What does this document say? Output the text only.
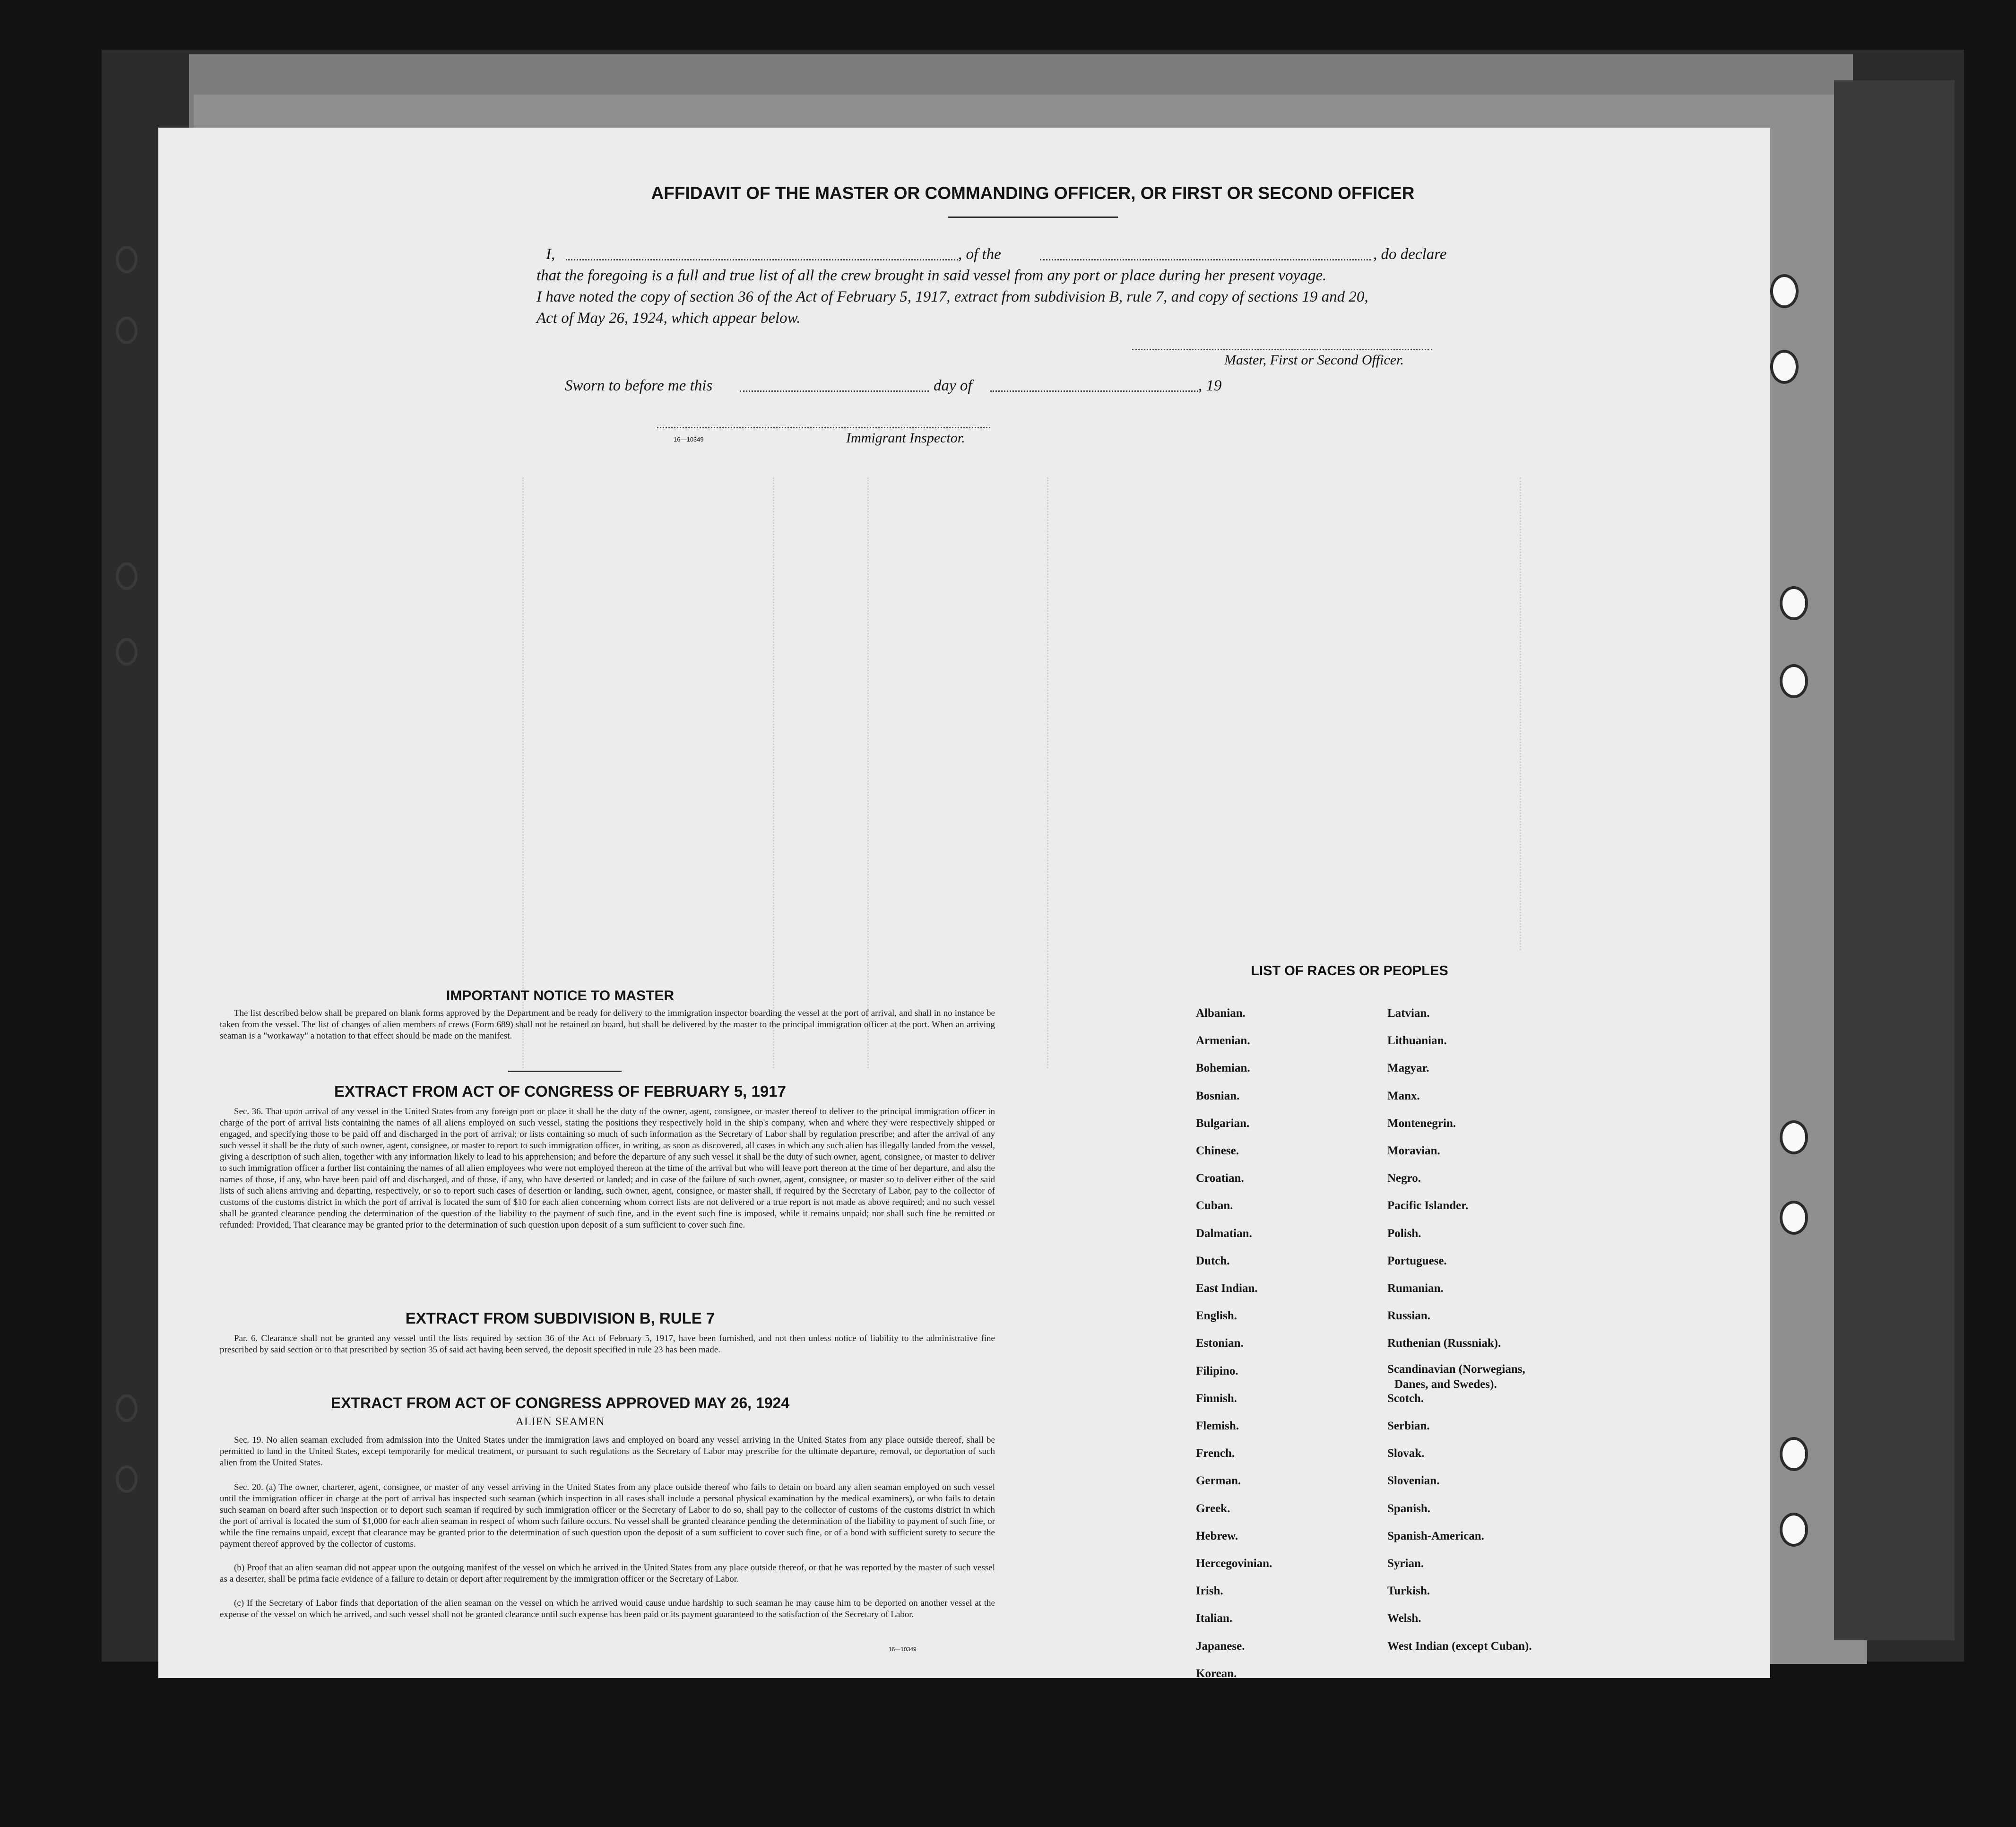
AFFIDAVIT OF THE MASTER OR COMMANDING OFFICER, OR FIRST OR SECOND OFFICER
I,	, of the	, do declare
that the foregoing is a full and true list of all the crew brought in said vessel from any port or place during her present voyage.
I have noted the copy of section 36 of the Act of February 5, 1917, extract from subdivision B, rule 7, and copy of sections 19 and 20,
Act of May 26, 1924, which appear below.
Master, First or Second Officer.
Sworn to before me this	day of	, 19
16—10349	Immigrant Inspector.
IMPORTANT NOTICE TO MASTER
The list described below shall be prepared on blank forms approved by the Department and be ready for delivery to the immigration inspector boarding the vessel at the port of arrival, and shall in no instance be taken from the vessel. The list of changes of alien members of crews (Form 689) shall not be retained on board, but shall be delivered by the master to the principal immigration officer at the port. When an arriving seaman is a "workaway" a notation to that effect should be made on the manifest.
EXTRACT FROM ACT OF CONGRESS OF FEBRUARY 5, 1917
Sec. 36. That upon arrival of any vessel in the United States from any foreign port or place it shall be the duty of the owner, agent, consignee, or master thereof to deliver to the principal immigration officer in charge of the port of arrival lists containing the names of all aliens employed on such vessel, stating the positions they respectively hold in the ship's company, when and where they were respectively shipped or engaged, and specifying those to be paid off and discharged in the port of arrival; or lists containing so much of such information as the Secretary of Labor shall by regulation prescribe; and after the arrival of any such vessel it shall be the duty of such owner, agent, consignee, or master to report to such immigration officer, in writing, as soon as discovered, all cases in which any such alien has illegally landed from the vessel, giving a description of such alien, together with any information likely to lead to his apprehension; and before the departure of any such vessel it shall be the duty of such owner, agent, consignee, or master to deliver to such immigration officer a further list containing the names of all alien employees who were not employed thereon at the time of the arrival but who will leave port thereon at the time of her departure, and also the names of those, if any, who have been paid off and discharged, and of those, if any, who have deserted or landed; and in case of the failure of such owner, agent, consignee, or master so to deliver either of the said lists of such aliens arriving and departing, respectively, or so to report such cases of desertion or landing, such owner, agent, consignee, or master shall, if required by the Secretary of Labor, pay to the collector of customs of the customs district in which the port of arrival is located the sum of $10 for each alien concerning whom correct lists are not delivered or a true report is not made as above required; and no such vessel shall be granted clearance pending the determination of the question of the liability to the payment of such fine, and in the event such fine is imposed, while it remains unpaid; nor shall such fine be remitted or refunded: Provided, That clearance may be granted prior to the determination of such question upon deposit of a sum sufficient to cover such fine.
EXTRACT FROM SUBDIVISION B, RULE 7
Par. 6. Clearance shall not be granted any vessel until the lists required by section 36 of the Act of February 5, 1917, have been furnished, and not then unless notice of liability to the administrative fine prescribed by said section or to that prescribed by section 35 of said act having been served, the deposit specified in rule 23 has been made.
EXTRACT FROM ACT OF CONGRESS APPROVED MAY 26, 1924
ALIEN SEAMEN
Sec. 19. No alien seaman excluded from admission into the United States under the immigration laws and employed on board any vessel arriving in the United States from any place outside thereof, shall be permitted to land in the United States, except temporarily for medical treatment, or pursuant to such regulations as the Secretary of Labor may prescribe for the ultimate departure, removal, or deportation of such alien from the United States.
Sec. 20. (a) The owner, charterer, agent, consignee, or master of any vessel arriving in the United States from any place outside thereof who fails to detain on board any alien seaman employed on such vessel until the immigration officer in charge at the port of arrival has inspected such seaman (which inspection in all cases shall include a personal physical examination by the medical examiners), or who fails to detain such seaman on board after such inspection or to deport such seaman if required by such immigration officer or the Secretary of Labor to do so, shall pay to the collector of customs of the customs district in which the port of arrival is located the sum of $1,000 for each alien seaman in respect of whom such failure occurs. No vessel shall be granted clearance pending the determination of the liability to payment of such fine, or while the fine remains unpaid, except that clearance may be granted prior to the determination of such question upon the deposit of a sum sufficient to cover such fine, or of a bond with sufficient surety to secure the payment thereof approved by the collector of customs.
(b) Proof that an alien seaman did not appear upon the outgoing manifest of the vessel on which he arrived in the United States from any place outside thereof, or that he was reported by the master of such vessel as a deserter, shall be prima facie evidence of a failure to detain or deport after requirement by the immigration officer or the Secretary of Labor.
(c) If the Secretary of Labor finds that deportation of the alien seaman on the vessel on which he arrived would cause undue hardship to such seaman he may cause him to be deported on another vessel at the expense of the vessel on which he arrived, and such vessel shall not be granted clearance until such expense has been paid or its payment guaranteed to the satisfaction of the Secretary of Labor.
16—10349
LIST OF RACES OR PEOPLES
16—10349
Albanian.
Armenian.
Bohemian.
Bosnian.
Bulgarian.
Chinese.
Croatian.
Cuban.
Dalmatian.
Dutch.
East Indian.
English.
Estonian.
Filipino.
Finnish.
Flemish.
French.
German.
Greek.
Hebrew.
Hercegovinian.
Irish.
Italian.
Japanese.
Korean.
Latvian.
Lithuanian.
Magyar.
Manx.
Montenegrin.
Moravian.
Negro.
Pacific Islander.
Polish.
Portuguese.
Rumanian.
Russian.
Ruthenian (Russniak).
Scandinavian (Norwegians,
Danes, and Swedes).
Scotch.
Serbian.
Slovak.
Slovenian.
Spanish.
Spanish-American.
Syrian.
Turkish.
Welsh.
West Indian (except Cuban).
